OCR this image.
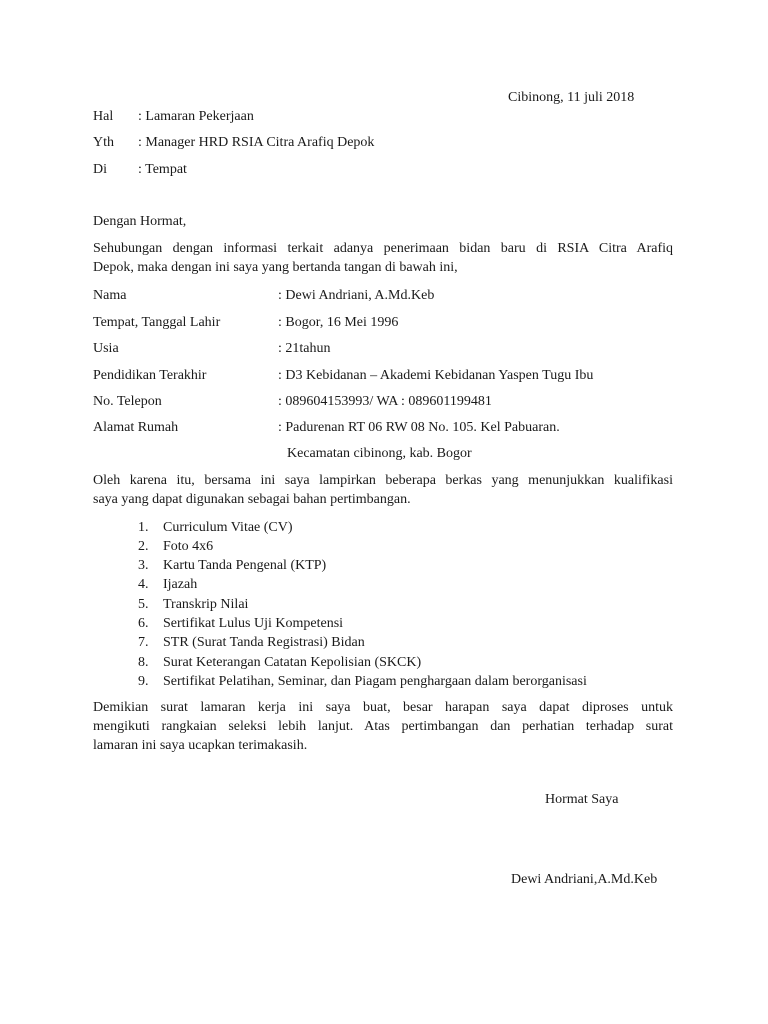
Cibinong, 11 juli 2018
Hal : Lamaran Pekerjaan
Yth : Manager HRD RSIA Citra Arafiq Depok
Di : Tempat
Dengan Hormat,
Sehubungan dengan informasi terkait adanya penerimaan bidan baru di RSIA Citra Arafiq
Depok, maka dengan ini saya yang bertanda tangan di bawah ini,
Nama	: Dewi Andriani, A.Md.Keb
Tempat, Tanggal Lahir	: Bogor, 16 Mei 1996
Usia	: 21tahun
Pendidikan Terakhir	: D3 Kebidanan – Akademi Kebidanan Yaspen Tugu Ibu
No. Telepon	: 089604153993/ WA : 089601199481
Alamat Rumah	: Padurenan RT 06 RW 08 No. 105. Kel Pabuaran.
Kecamatan cibinong, kab. Bogor
Oleh karena itu, bersama ini saya lampirkan beberapa berkas yang menunjukkan kualifikasi
saya yang dapat digunakan sebagai bahan pertimbangan.
1. Curriculum Vitae (CV)
2. Foto 4x6
3. Kartu Tanda Pengenal (KTP)
4. Ijazah
5. Transkrip Nilai
6. Sertifikat Lulus Uji Kompetensi
7. STR (Surat Tanda Registrasi) Bidan
8. Surat Keterangan Catatan Kepolisian (SKCK)
9. Sertifikat Pelatihan, Seminar, dan Piagam penghargaan dalam berorganisasi
Demikian surat lamaran kerja ini saya buat, besar harapan saya dapat diproses untuk
mengikuti rangkaian seleksi lebih lanjut. Atas pertimbangan dan perhatian terhadap surat
lamaran ini saya ucapkan terimakasih.
Hormat Saya
Dewi Andriani,A.Md.Keb
